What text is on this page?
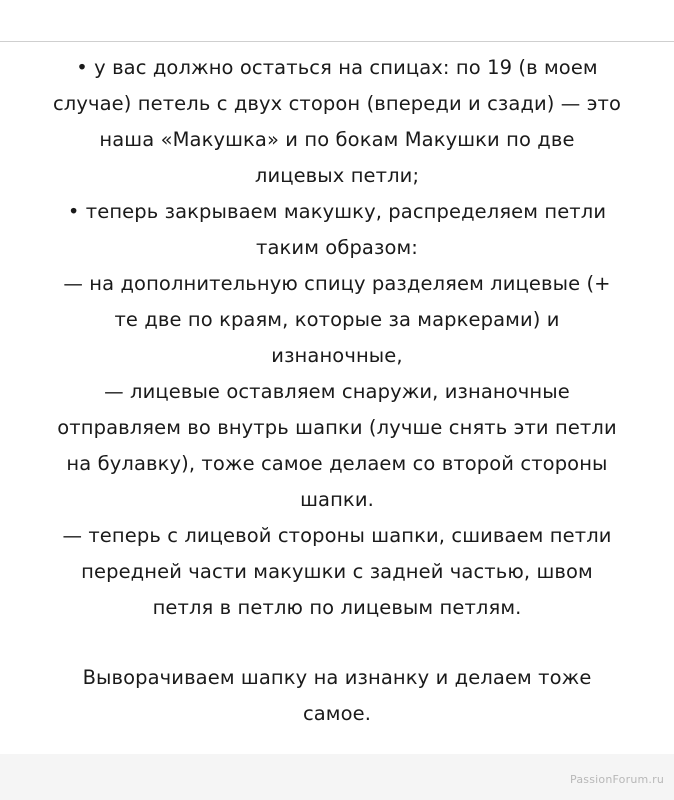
• у вас должно остаться на спицах: по 19 (в моем

случае) петель с двух сторон (впереди и сзади) — это

наша «Макушка» и по бокам Макушки по две

лицевых петли;

• теперь закрываем макушку, распределяем петли

таким образом:

— на дополнительную спицу разделяем лицевые (+

те две по краям, которые за маркерами) и

изнаночные,

— лицевые оставляем снаружи, изнаночные

отправляем во внутрь шапки (лучше снять эти петли

на булавку), тоже самое делаем со второй стороны

шапки.

— теперь с лицевой стороны шапки, сшиваем петли

передней части макушки с задней частью, швом

петля в петлю по лицевым петлям.

Выворачиваем шапку на изнанку и делаем тоже

самое.

PassionForum.ru
